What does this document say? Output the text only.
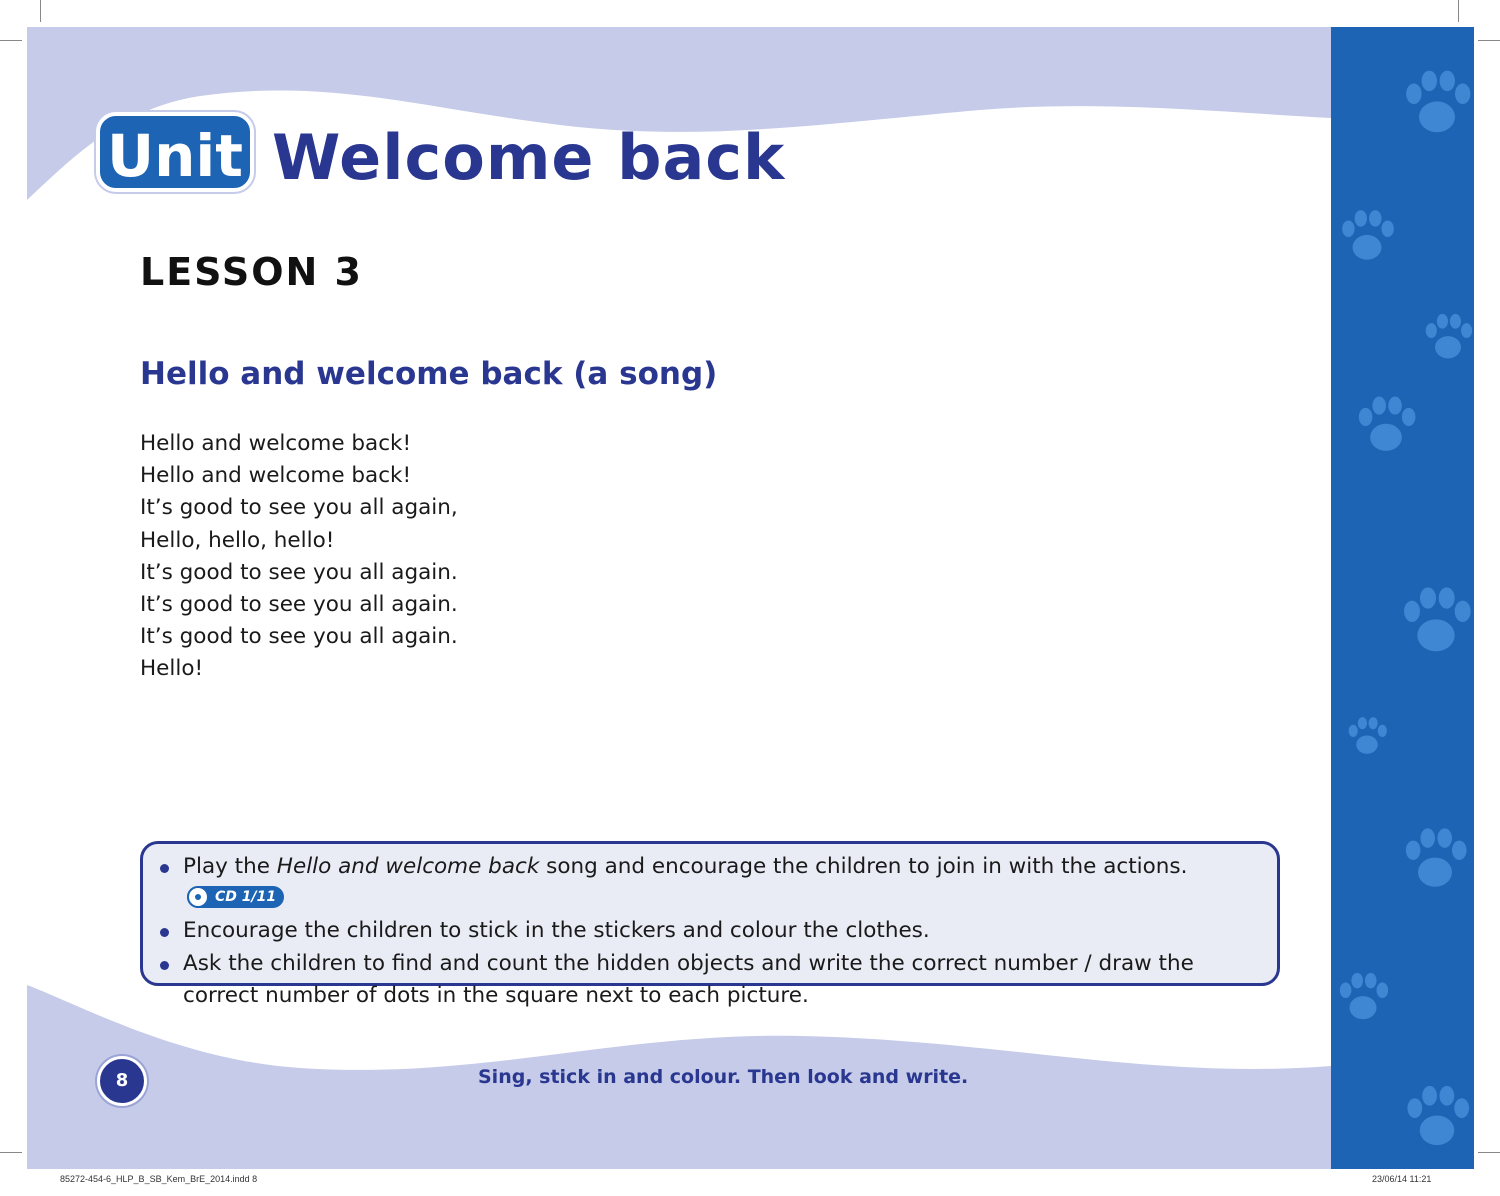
Unit Welcome back
LESSON 3
Hello and welcome back (a song)
Hello and welcome back!
Hello and welcome back!
It’s good to see you all again,
Hello, hello, hello!
It’s good to see you all again.
It’s good to see you all again.
It’s good to see you all again.
Hello!
Play the Hello and welcome back song and encourage the children to join in with the actions.
CD 1/11
Encourage the children to stick in the stickers and colour the clothes.
Ask the children to find and count the hidden objects and write the correct number / draw the
correct number of dots in the square next to each picture.
8	Sing, stick in and colour. Then look and write.
85272-454-6_HLP_B_SB_Kem_BrE_2014.indd 8	23/06/14 11:21
